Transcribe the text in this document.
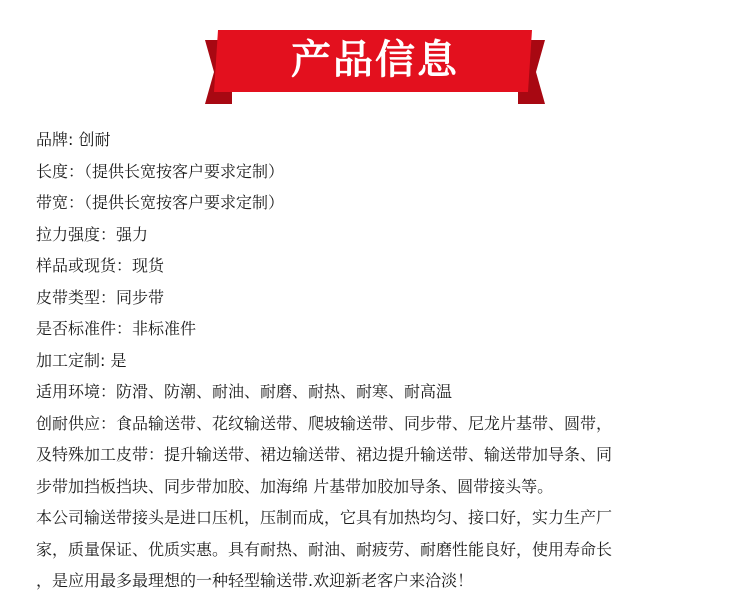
产品信息
品牌: 创耐
长度：（提供长宽按客户要求定制）
带宽：（提供长宽按客户要求定制）
拉力强度：强力
样品或现货：现货
皮带类型：同步带
是否标准件：非标准件
加工定制: 是
适用环境：防滑、防潮、耐油、耐磨、耐热、耐寒、耐高温
创耐供应：食品输送带、花纹输送带、爬坡输送带、同步带、尼龙片基带、圆带，
及特殊加工皮带：提升输送带、裙边输送带、裙边提升输送带、输送带加导条、同
步带加挡板挡块、同步带加胶、加海绵 片基带加胶加导条、圆带接头等。
本公司输送带接头是进口压机，压制而成，它具有加热均匀、接口好，实力生产厂
家，质量保证、优质实惠。具有耐热、耐油、耐疲劳、耐磨性能良好，使用寿命长
，是应用最多最理想的一种轻型输送带.欢迎新老客户来洽淡！
